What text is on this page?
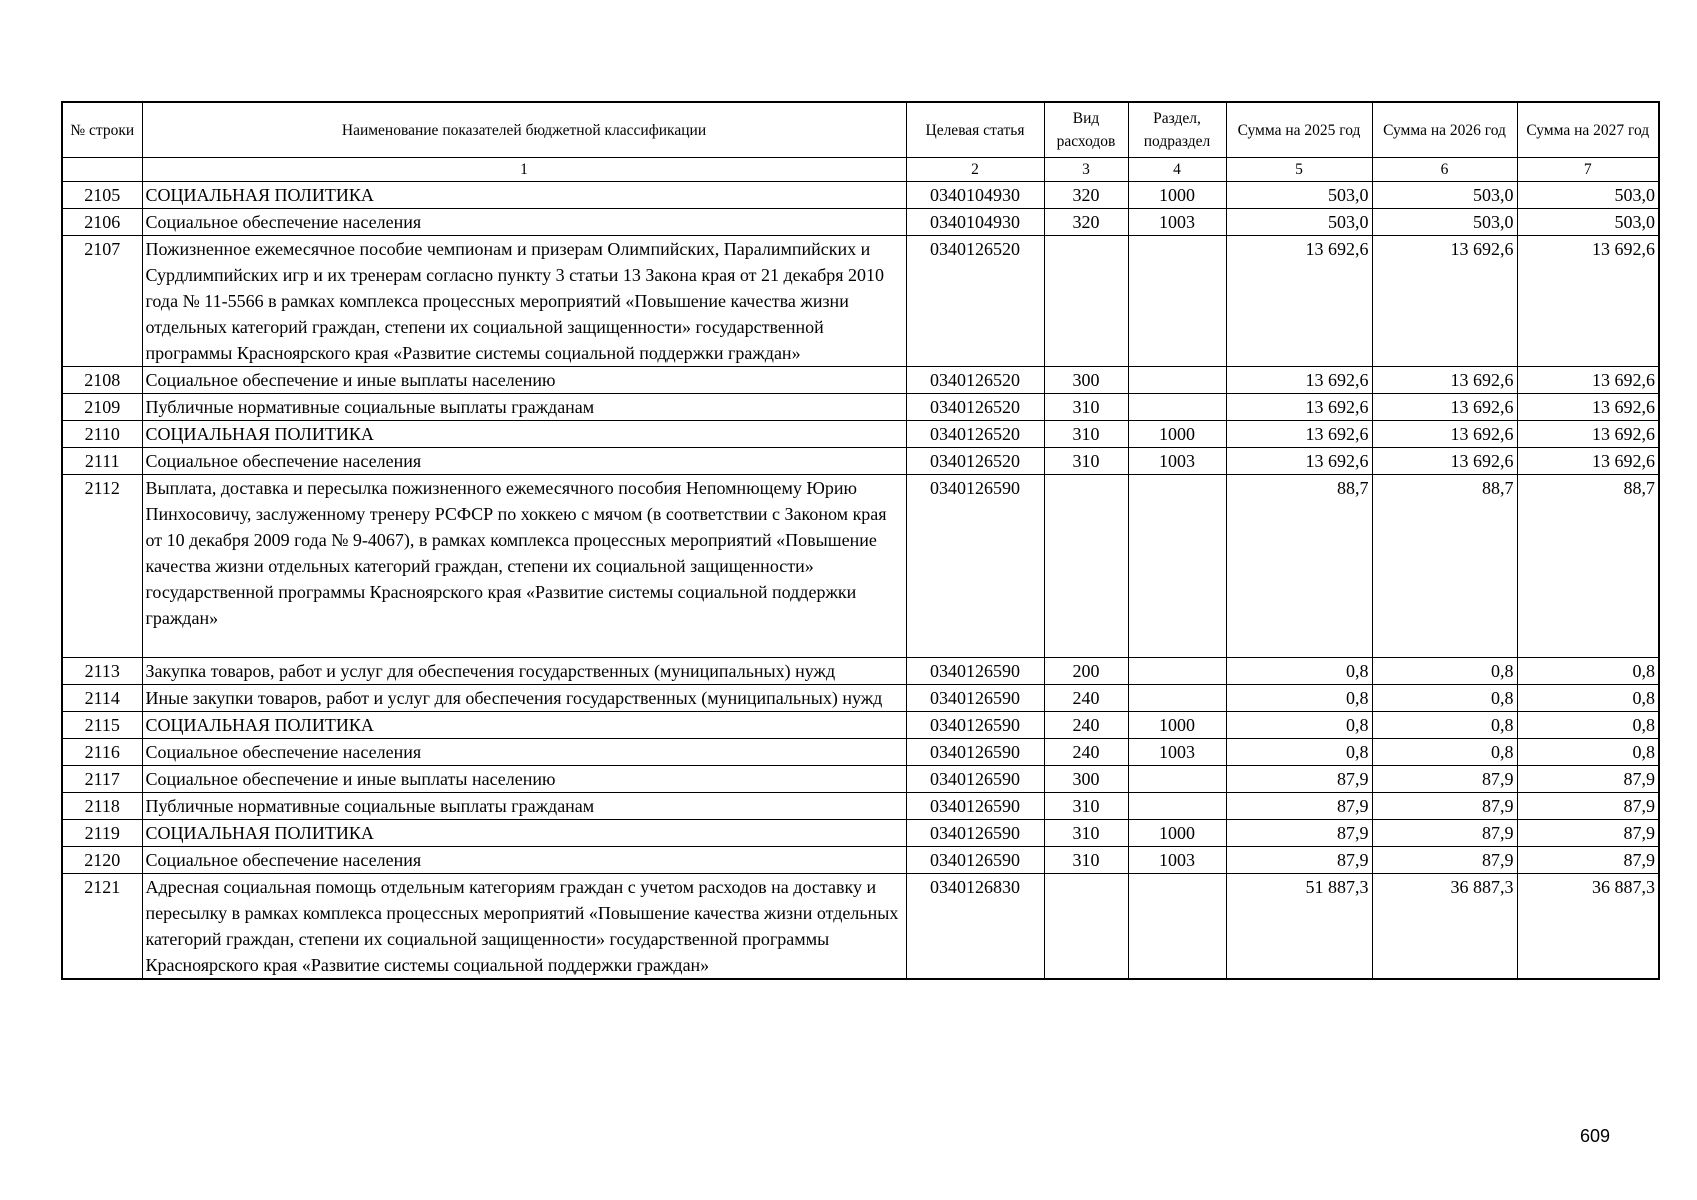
№ строки	Наименование показателей бюджетной классификации	Целевая статья	Вид расходов	Раздел, подраздел	Сумма на 2025 год	Сумма на 2026 год	Сумма на 2027 год
	1	2	3	4	5	6	7
2105	СОЦИАЛЬНАЯ ПОЛИТИКА	0340104930	320	1000	503,0	503,0	503,0
2106	Социальное обеспечение населения	0340104930	320	1003	503,0	503,0	503,0
2107	Пожизненное ежемесячное пособие чемпионам и призерам Олимпийских, Паралимпийских и Сурдлимпийских игр и их тренерам согласно пункту 3 статьи 13 Закона края от 21 декабря 2010 года № 11-5566 в рамках комплекса процессных мероприятий «Повышение качества жизни отдельных категорий граждан, степени их социальной защищенности» государственной программы Красноярского края «Развитие системы социальной поддержки граждан»	0340126520			13 692,6	13 692,6	13 692,6
2108	Социальное обеспечение и иные выплаты населению	0340126520	300		13 692,6	13 692,6	13 692,6
2109	Публичные нормативные социальные выплаты гражданам	0340126520	310		13 692,6	13 692,6	13 692,6
2110	СОЦИАЛЬНАЯ ПОЛИТИКА	0340126520	310	1000	13 692,6	13 692,6	13 692,6
2111	Социальное обеспечение населения	0340126520	310	1003	13 692,6	13 692,6	13 692,6
2112	Выплата, доставка и пересылка пожизненного ежемесячного пособия Непомнющему Юрию Пинхосовичу, заслуженному тренеру РСФСР по хоккею с мячом (в соответствии с Законом края от 10 декабря 2009 года № 9-4067), в рамках комплекса процессных мероприятий «Повышение качества жизни отдельных категорий граждан, степени их социальной защищенности» государственной программы Красноярского края «Развитие системы социальной поддержки граждан»	0340126590			88,7	88,7	88,7
2113	Закупка товаров, работ и услуг для обеспечения государственных (муниципальных) нужд	0340126590	200		0,8	0,8	0,8
2114	Иные закупки товаров, работ и услуг для обеспечения государственных (муниципальных) нужд	0340126590	240		0,8	0,8	0,8
2115	СОЦИАЛЬНАЯ ПОЛИТИКА	0340126590	240	1000	0,8	0,8	0,8
2116	Социальное обеспечение населения	0340126590	240	1003	0,8	0,8	0,8
2117	Социальное обеспечение и иные выплаты населению	0340126590	300		87,9	87,9	87,9
2118	Публичные нормативные социальные выплаты гражданам	0340126590	310		87,9	87,9	87,9
2119	СОЦИАЛЬНАЯ ПОЛИТИКА	0340126590	310	1000	87,9	87,9	87,9
2120	Социальное обеспечение населения	0340126590	310	1003	87,9	87,9	87,9
2121	Адресная социальная помощь отдельным категориям граждан с учетом расходов на доставку и пересылку в рамках комплекса процессных мероприятий «Повышение качества жизни отдельных категорий граждан, степени их социальной защищенности» государственной программы Красноярского края «Развитие системы социальной поддержки граждан»	0340126830			51 887,3	36 887,3	36 887,3
609
